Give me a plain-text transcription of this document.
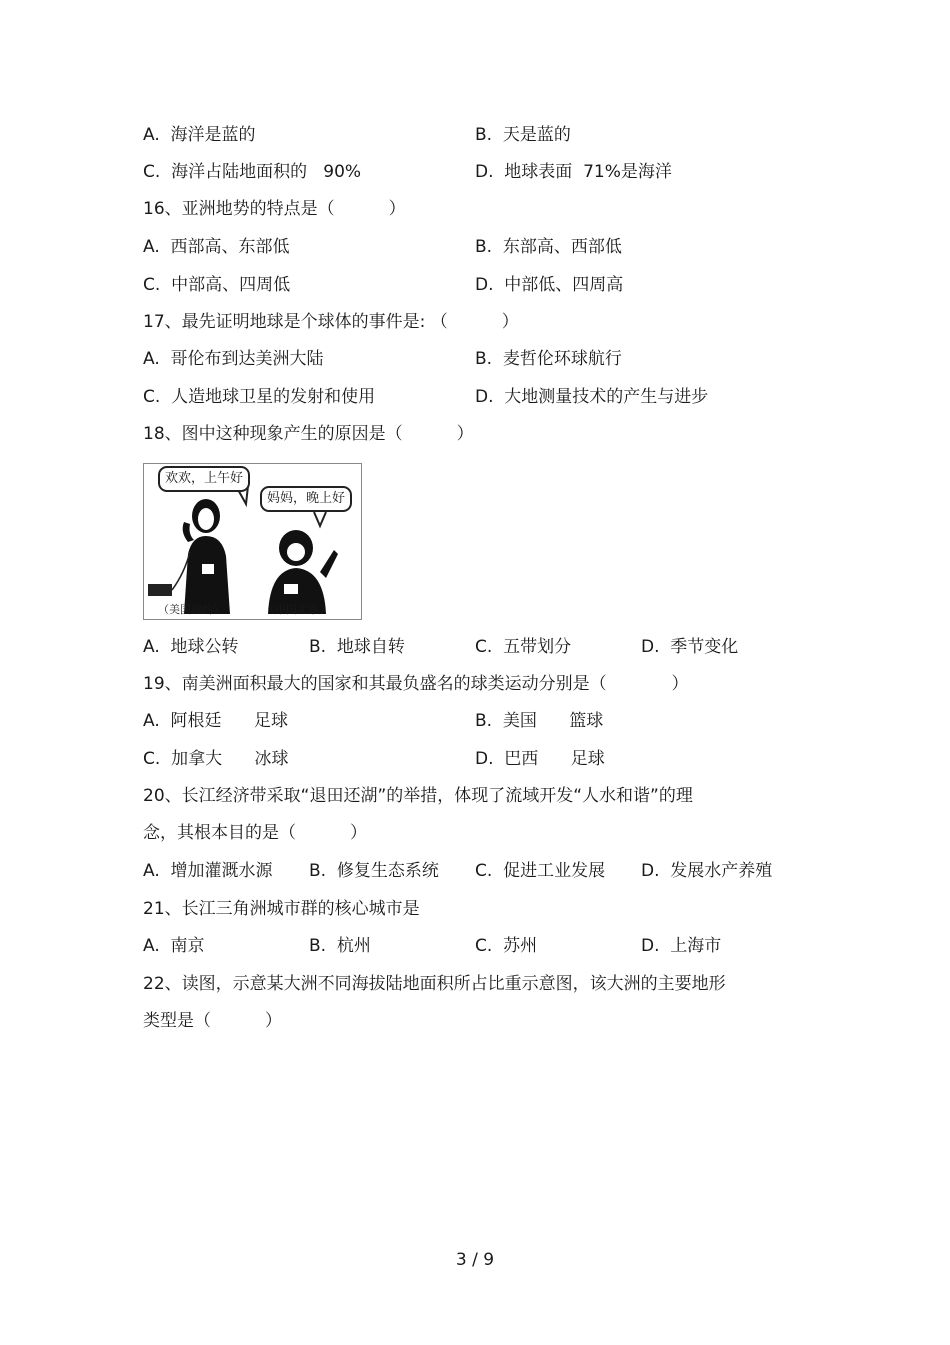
A.  海洋是蓝的	B.  天是蓝的
C.  海洋占陆地面积的   90%	D.  地球表面  71%是海洋
16、亚洲地势的特点是（          ）
A.  西部高、东部低	B.  东部高、西部低
C.  中部高、四周低	D.  中部低、四周高
17、最先证明地球是个球体的事件是: （          ）
A.  哥伦布到达美洲大陆	B.  麦哲伦环球航行
C.  人造地球卫星的发射和使用	D.  大地测量技术的产生与进步
18、图中这种现象产生的原因是（          ）
欢欢，上午好
妈妈，晚上好
（美国纽约）	（中国北京）
A.  地球公转	B.  地球自转	C.  五带划分	D.  季节变化
19、南美洲面积最大的国家和其最负盛名的球类运动分别是（            ）
A.  阿根廷      足球	B.  美国      篮球
C.  加拿大      冰球	D.  巴西      足球
20、长江经济带采取“退田还湖”的举措，体现了流域开发“人水和谐”的理
念，其根本目的是（          ）
A.  增加灌溉水源 B.  修复生态系统 C.  促进工业发展 D.  发展水产养殖
21、长江三角洲城市群的核心城市是
A.  南京	B.  杭州	C.  苏州	D.  上海市
22、读图，示意某大洲不同海拔陆地面积所占比重示意图，该大洲的主要地形
类型是（          ）
3 / 9
